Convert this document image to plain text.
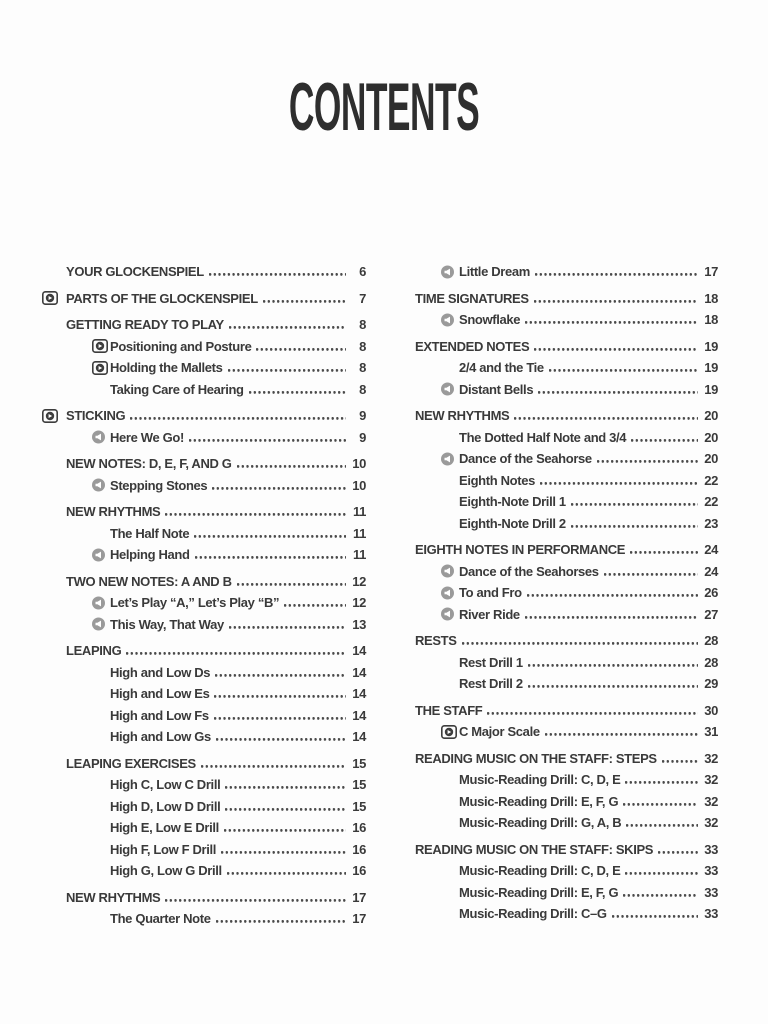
CONTENTS
YOUR GLOCKENSPIEL	6
PARTS OF THE GLOCKENSPIEL	7
GETTING READY TO PLAY	8
Positioning and Posture	8
Holding the Mallets	8
Taking Care of Hearing	8
STICKING	9
Here We Go!	9
NEW NOTES: D, E, F, AND G	10
Stepping Stones	10
NEW RHYTHMS	11
The Half Note	11
Helping Hand	11
TWO NEW NOTES: A AND B	12
Let’s Play “A,” Let’s Play “B”	12
This Way, That Way	13
LEAPING	14
High and Low Ds	14
High and Low Es	14
High and Low Fs	14
High and Low Gs	14
LEAPING EXERCISES	15
High C, Low C Drill	15
High D, Low D Drill	15
High E, Low E Drill	16
High F, Low F Drill	16
High G, Low G Drill	16
NEW RHYTHMS	17
The Quarter Note	17
Little Dream	17
TIME SIGNATURES	18
Snowflake	18
EXTENDED NOTES	19
2/4 and the Tie	19
Distant Bells	19
NEW RHYTHMS	20
The Dotted Half Note and 3/4	20
Dance of the Seahorse	20
Eighth Notes	22
Eighth-Note Drill 1	22
Eighth-Note Drill 2	23
EIGHTH NOTES IN PERFORMANCE	24
Dance of the Seahorses	24
To and Fro	26
River Ride	27
RESTS	28
Rest Drill 1	28
Rest Drill 2	29
THE STAFF	30
C Major Scale	31
READING MUSIC ON THE STAFF: STEPS	32
Music-Reading Drill: C, D, E	32
Music-Reading Drill: E, F, G	32
Music-Reading Drill: G, A, B	32
READING MUSIC ON THE STAFF: SKIPS	33
Music-Reading Drill: C, D, E	33
Music-Reading Drill: E, F, G	33
Music-Reading Drill: C–G	33
